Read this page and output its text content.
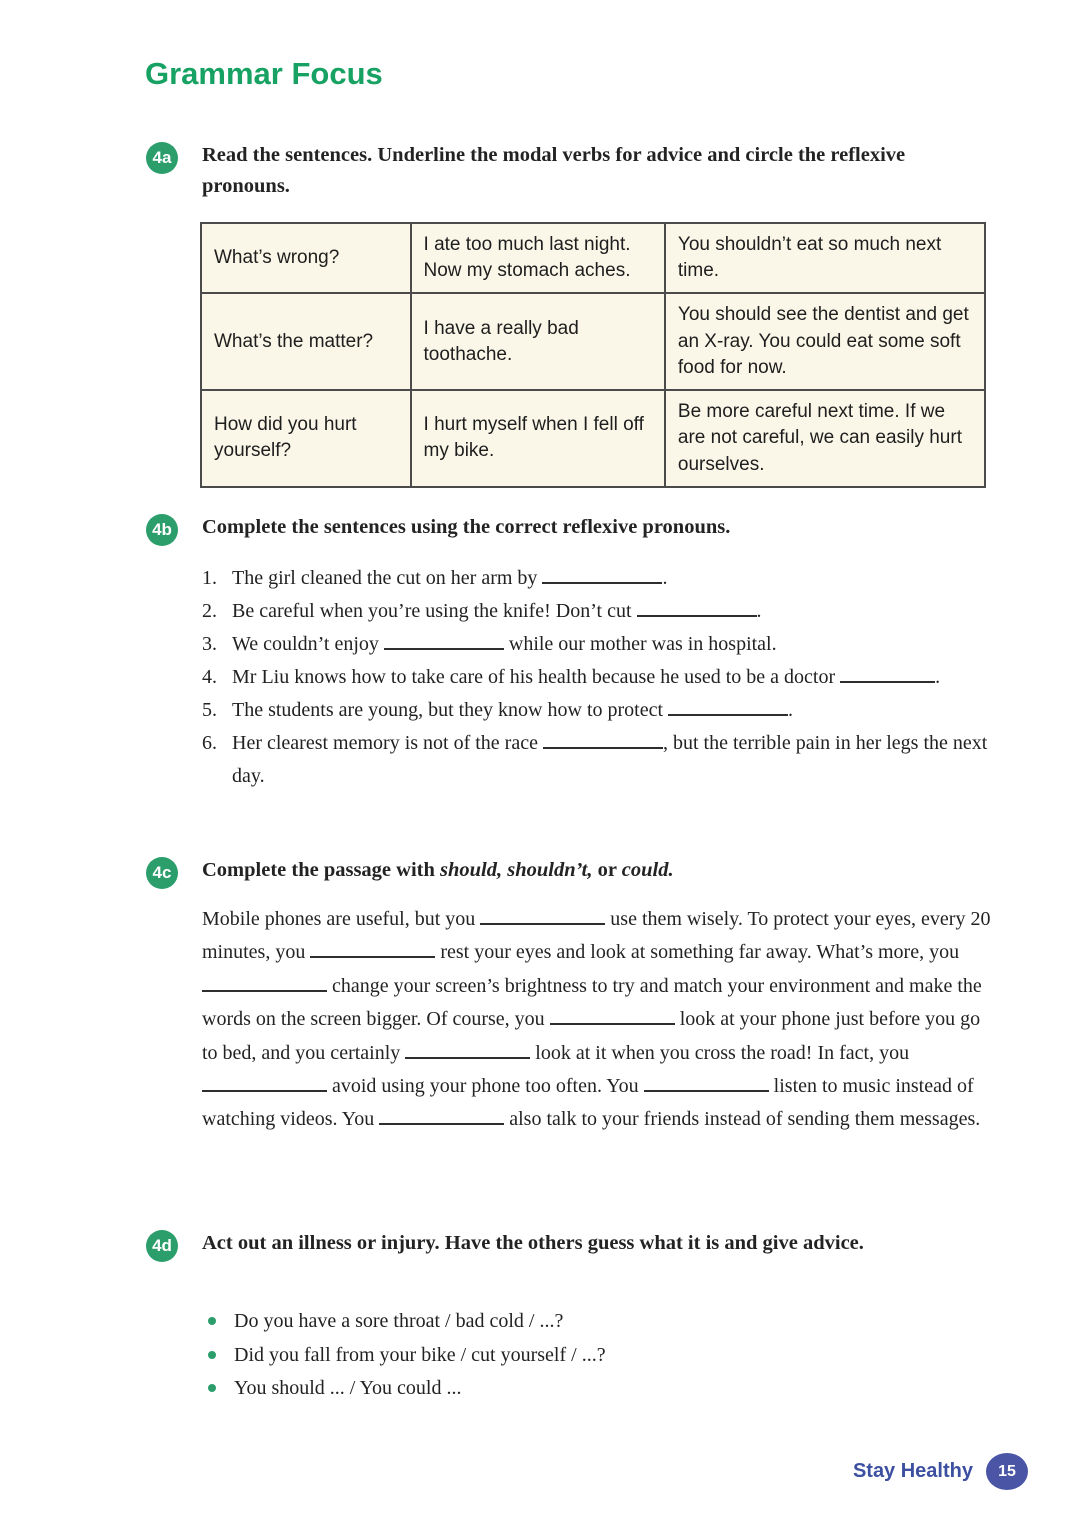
Grammar Focus
4a	Read the sentences. Underline the modal verbs for advice and circle the reflexive pronouns.
What’s wrong?	I ate too much last night. Now my stomach aches.	You shouldn’t eat so much next time.
What’s the matter?	I have a really bad toothache.	You should see the dentist and get an X-ray. You could eat some soft food for now.
How did you hurt yourself?	I hurt myself when I fell off my bike.	Be more careful next time. If we are not careful, we can easily hurt ourselves.
4b Complete the sentences using the correct reflexive pronouns.
1. The girl cleaned the cut on her arm by	.
2. Be careful when you’re using the knife! Don’t cut	.
3. We couldn’t enjoy	while our mother was in hospital.
4. Mr Liu knows how to take care of his health because he used to be a doctor	.
5. The students are young, but they know how to protect	.
6. Her clearest memory is not of the race	, but the terrible pain in her legs the next day.
4c	Complete the passage with should, shouldn’t, or could.
Mobile phones are useful, but you	use them wisely. To protect your eyes, every 20 minutes, you	rest your eyes and look at something far away. What’s more, you  change your screen’s brightness to try and match your environment and make the words on the screen bigger. Of course, you	look at your phone just before you go to bed, and you certainly	look at it when you cross the road! In fact, you  avoid using your phone too often. You	listen to music instead of watching videos. You	also talk to your friends instead of sending them messages.
4d Act out an illness or injury. Have the others guess what it is and give advice.
Do you have a sore throat / bad cold / ...?
Did you fall from your bike / cut yourself / ...?
You should ... / You could ...
Stay Healthy	15
